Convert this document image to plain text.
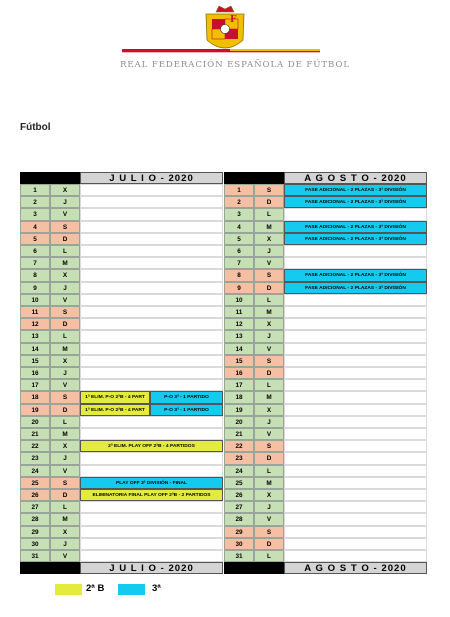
F
REAL FEDERACIÓN ESPAÑOLA DE FÚTBOL
Fútbol
J U L I O - 2020
1	X
2	J
3	V
4	S
5	D
6	L
7	M
8	X
9	J
10	V
11	S
12	D
13	L
14	M
15	X
16	J
17	V
18	S	1ª ELIM. P-O 2ªB - 4 PART	P-O 3ª - 1 PARTIDO
19	D	1ª ELIM. P-O 2ªB - 4 PART	P-O 3ª - 1 PARTIDO
20	L
21	M
22	X	2ª ELIM. PLAY OFF 2ªB - 4 PARTIDOS
23	J
24	V
25	S	PLAY OFF 3ª DIVISIÓN - FINAL
26	D	ELIMINATORIA FINAL PLAY OFF 2ªB - 2 PARTIDOS
27	L
28	M
29	X
30	J
31	V
J U L I O - 2020
A G O S T O - 2020
1	S	FASE ADICIONAL - 2 PLAZAS - 3ª DIVISIÓN
2	D	FASE ADICIONAL - 2 PLAZAS - 3ª DIVISIÓN
3	L
4	M	FASE ADICIONAL - 2 PLAZAS - 3ª DIVISIÓN
5	X	FASE ADICIONAL - 2 PLAZAS - 3ª DIVISIÓN
6	J
7	V
8	S	FASE ADICIONAL - 2 PLAZAS - 3ª DIVISIÓN
9	D	FASE ADICIONAL - 2 PLAZAS - 3ª DIVISIÓN
10	L
11	M
12	X
13	J
14	V
15	S
16	D
17	L
18	M
19	X
20	J
21	V
22	S
23	D
24	L
25	M
26	X
27	J
28	V
29	S
30	D
31	L
A G O S T O - 2020
2ª B	3ª
